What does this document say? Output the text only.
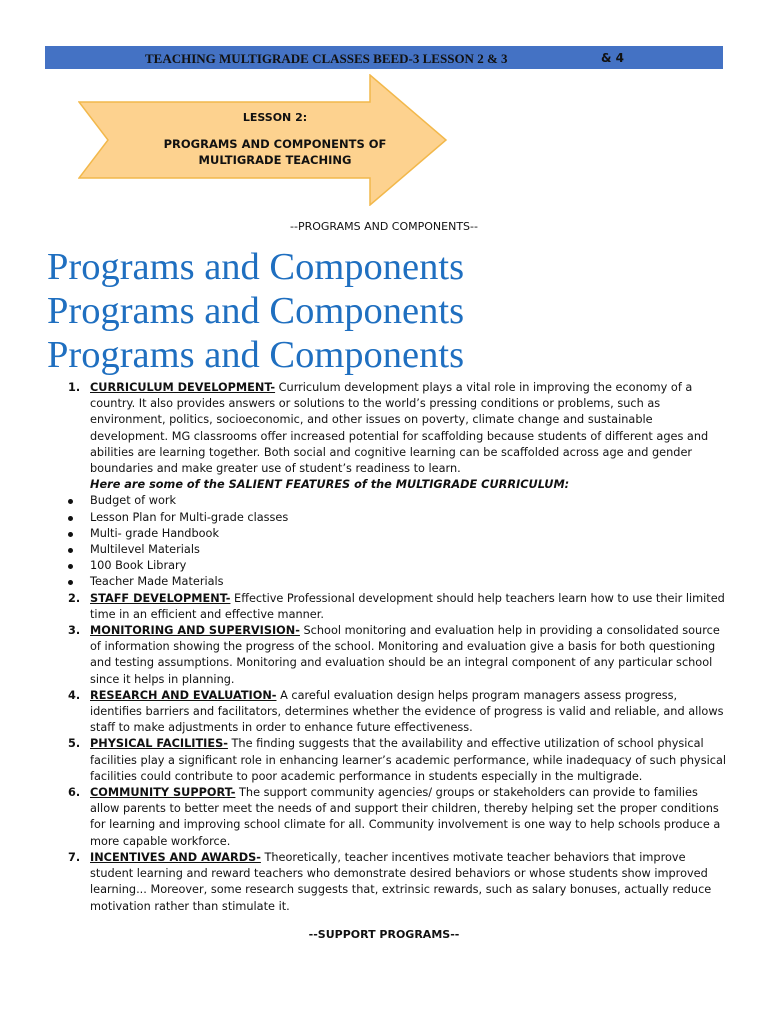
TEACHING MULTIGRADE CLASSES BEED-3 LESSON 2 & 3	& 4
LESSON 2:
PROGRAMS AND COMPONENTS OF
MULTIGRADE TEACHING
--PROGRAMS AND COMPONENTS--
Programs and Components
Programs and Components
Programs and Components
1. CURRICULUM DEVELOPMENT- Curriculum development plays a vital role in improving the economy of a country. It also provides answers or solutions to the world’s pressing conditions or problems, such as environment, politics, socioeconomic, and other issues on poverty, climate change and sustainable development. MG classrooms offer increased potential for scaffolding because students of different ages and abilities are learning together. Both social and cognitive learning can be scaffolded across age and gender boundaries and make greater use of student’s readiness to learn.
Here are some of the SALIENT FEATURES of the MULTIGRADE CURRICULUM:
Budget of work
Lesson Plan for Multi-grade classes
Multi- grade Handbook
Multilevel Materials
100 Book Library
Teacher Made Materials
2. STAFF DEVELOPMENT- Effective Professional development should help teachers learn how to use their limited time in an efficient and effective manner.
3. MONITORING AND SUPERVISION- School monitoring and evaluation help in providing a consolidated source of information showing the progress of the school. Monitoring and evaluation give a basis for both questioning and testing assumptions. Monitoring and evaluation should be an integral component of any particular school since it helps in planning.
4. RESEARCH AND EVALUATION- A careful evaluation design helps program managers assess progress, identifies barriers and facilitators, determines whether the evidence of progress is valid and reliable, and allows staff to make adjustments in order to enhance future effectiveness.
5. PHYSICAL FACILITIES- The finding suggests that the availability and effective utilization of school physical facilities play a significant role in enhancing learner’s academic performance, while inadequacy of such physical facilities could contribute to poor academic performance in students especially in the multigrade.
6. COMMUNITY SUPPORT- The support community agencies/ groups or stakeholders can provide to families allow parents to better meet the needs of and support their children, thereby helping set the proper conditions for learning and improving school climate for all. Community involvement is one way to help schools produce a more capable workforce.
7. INCENTIVES AND AWARDS- Theoretically, teacher incentives motivate teacher behaviors that improve student learning and reward teachers who demonstrate desired behaviors or whose students show improved learning... Moreover, some research suggests that, extrinsic rewards, such as salary bonuses, actually reduce motivation rather than stimulate it.
--SUPPORT PROGRAMS--
